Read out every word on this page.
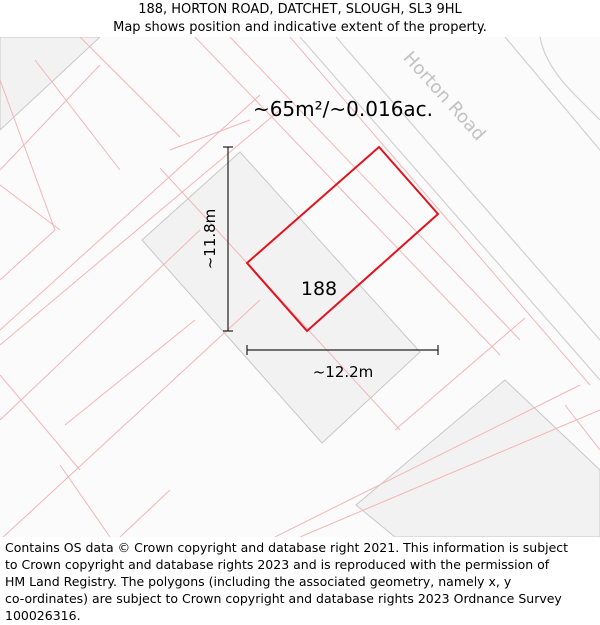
188, HORTON ROAD, DATCHET, SLOUGH, SL3 9HL
Map shows position and indicative extent of the property.
~65m²/~0.016ac.
Horton Road
188
~11.8m
~12.2m
Contains OS data © Crown copyright and database right 2021. This information is subject
to Crown copyright and database rights 2023 and is reproduced with the permission of
HM Land Registry. The polygons (including the associated geometry, namely x, y
co-ordinates) are subject to Crown copyright and database rights 2023 Ordnance Survey
100026316.
